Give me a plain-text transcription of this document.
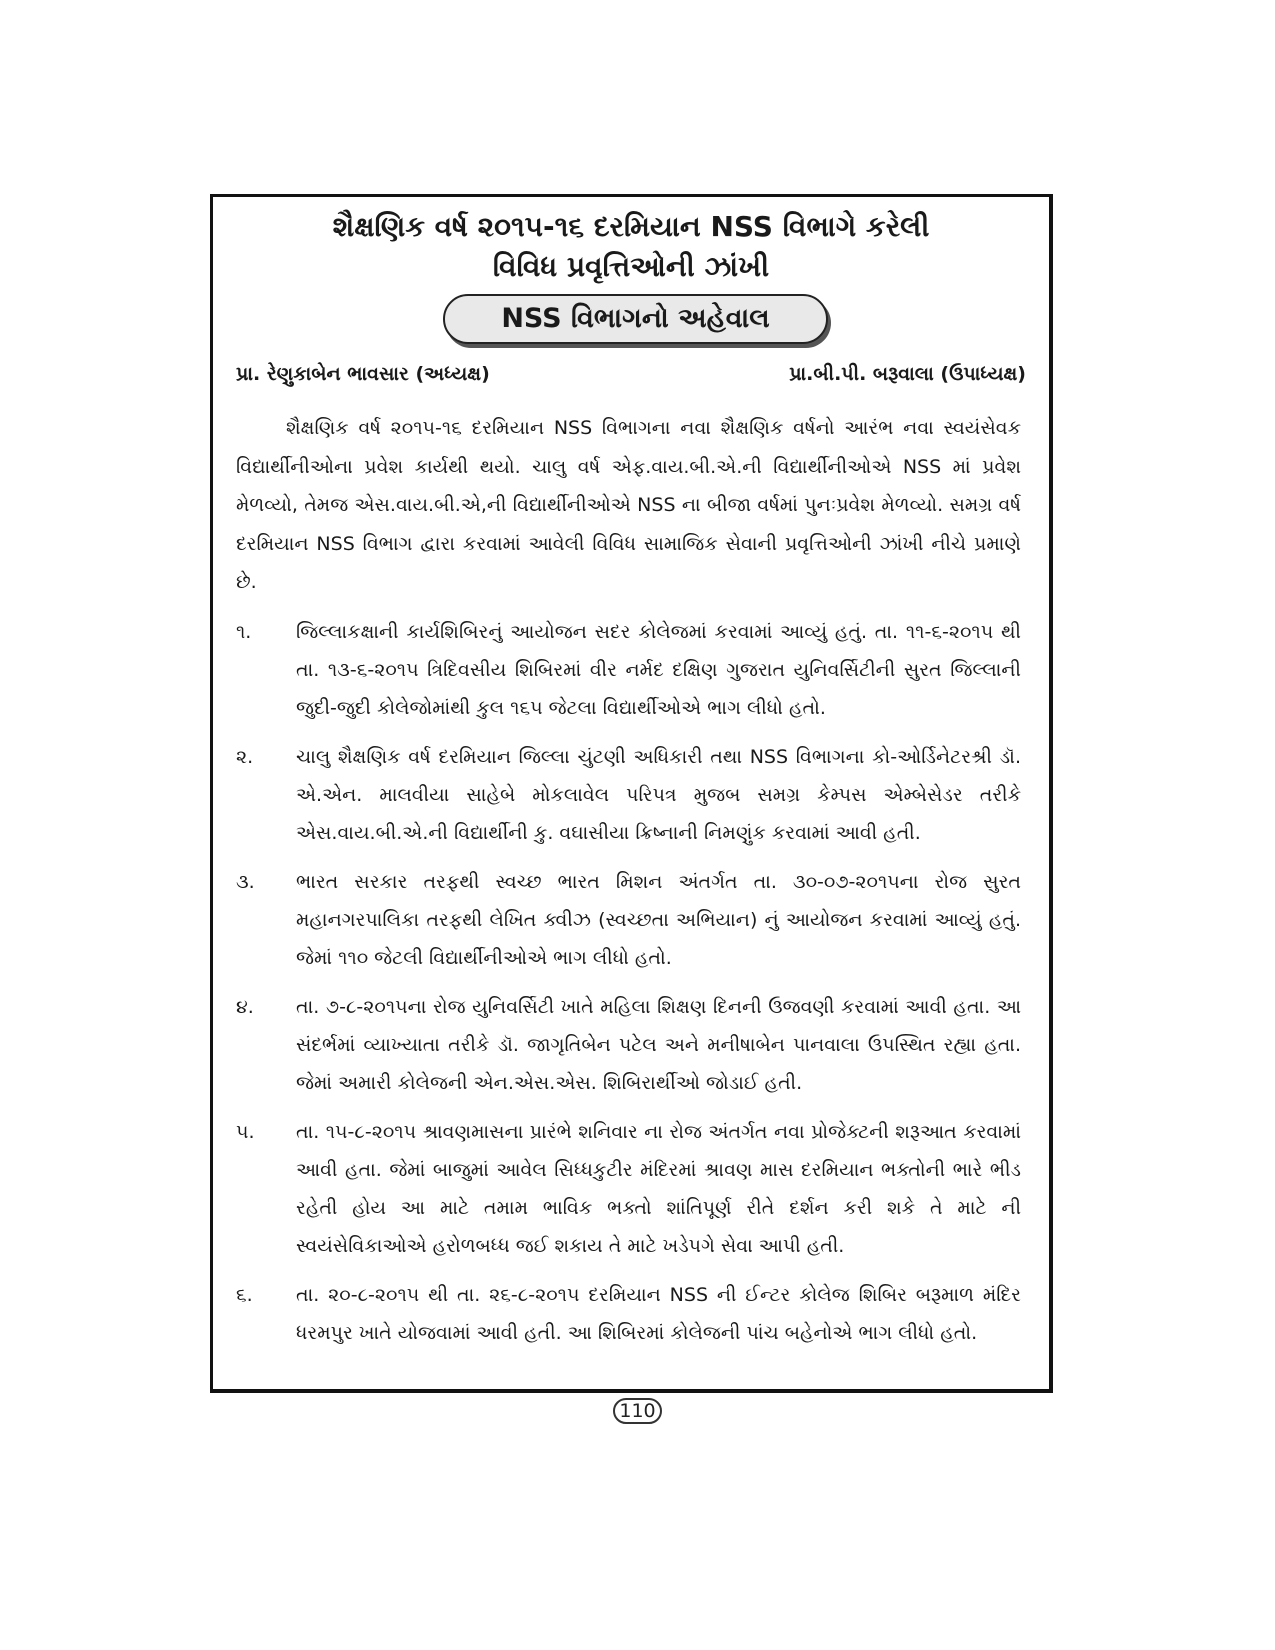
શૈક્ષણિક વર્ષ ૨૦૧૫-૧૬ દરમિયાન NSS વિભાગે કરેલી
વિવિધ પ્રવૃત્તિઓની ઝાંખી
NSS વિભાગનો અહેવાલ
પ્રા. રેણુકાબેન ભાવસાર (અધ્યક્ષ)	પ્રા.બી.પી. બરૂવાલા (ઉપાધ્યક્ષ)

શૈક્ષણિક વર્ષ ૨૦૧૫-૧૬ દરમિયાન NSS વિભાગના નવા શૈક્ષણિક વર્ષનો આરંભ નવા સ્વયંસેવક વિદ્યાર્થીનીઓના પ્રવેશ કાર્યથી થયો. ચાલુ વર્ષ એફ.વાય.બી.એ.ની વિદ્યાર્થીનીઓએ NSS માં પ્રવેશ મેળવ્યો, તેમજ એસ.વાય.બી.એ,ની વિદ્યાર્થીનીઓએ NSS ના બીજા વર્ષમાં પુનઃપ્રવેશ મેળવ્યો. સમગ્ર વર્ષ દરમિયાન NSS વિભાગ દ્વારા કરવામાં આવેલી વિવિધ સામાજિક સેવાની પ્રવૃત્તિઓની ઝાંખી નીચે પ્રમાણે છે.

૧. જિલ્લાકક્ષાની કાર્યશિબિરનું આયોજન સદર કોલેજમાં કરવામાં આવ્યું હતું. તા. ૧૧-૬-૨૦૧૫ થી તા. ૧૩-૬-૨૦૧૫ ત્રિદિવસીય શિબિરમાં વીર નર્મદ દક્ષિણ ગુજરાત યુનિવર્સિટીની સુરત જિલ્લાની જુદી-જુદી કોલેજોમાંથી કુલ ૧૬૫ જેટલા વિદ્યાર્થીઓએ ભાગ લીધો હતો.
૨. ચાલુ શૈક્ષણિક વર્ષ દરમિયાન જિલ્લા ચુંટણી અધિકારી તથા NSS વિભાગના કો-ઓર્ડિનેટરશ્રી ડૉ. એ.એન. માલવીયા સાહેબે મોકલાવેલ પરિપત્ર મુજબ સમગ્ર કેમ્પસ એમ્બેસેડર તરીકે એસ.વાય.બી.એ.ની વિદ્યાર્થીની કુ. વઘાસીયા ક્રિષ્નાની નિમણુંક કરવામાં આવી હતી.
૩. ભારત સરકાર તરફથી સ્વચ્છ ભારત મિશન અંતર્ગત તા. ૩૦-૦૭-૨૦૧૫ના રોજ સુરત મહાનગરપાલિકા તરફથી લેખિત ક્વીઝ (સ્વચ્છતા અભિયાન) નું આયોજન કરવામાં આવ્યું હતું. જેમાં ૧૧૦ જેટલી વિદ્યાર્થીનીઓએ ભાગ લીધો હતો.
૪. તા. ૭-૮-૨૦૧૫ના રોજ યુનિવર્સિટી ખાતે મહિલા શિક્ષણ દિનની ઉજવણી કરવામાં આવી હતા. આ સંદર્ભમાં વ્યાખ્યાતા તરીકે ડૉ. જાગૃતિબેન પટેલ અને મનીષાબેન પાનવાલા ઉપસ્થિત રહ્યા હતા. જેમાં અમારી કોલેજની એન.એસ.એસ. શિબિરાર્થીઓ જોડાઈ હતી.
૫. તા. ૧૫-૮-૨૦૧૫ શ્રાવણમાસના પ્રારંભે શનિવાર ના રોજ અંતર્ગત નવા પ્રોજેક્ટની શરૂઆત કરવામાં આવી હતા. જેમાં બાજુમાં આવેલ સિધ્ધકુટીર મંદિરમાં શ્રાવણ માસ દરમિયાન ભક્તોની ભારે ભીડ રહેતી હોય આ માટે તમામ ભાવિક ભક્તો શાંતિપૂર્ણ રીતે દર્શન કરી શકે તે માટે ની સ્વયંસેવિકાઓએ હરોળબધ્ધ જઈ શકાય તે માટે ખડેપગે સેવા આપી હતી.
૬. તા. ૨૦-૮-૨૦૧૫ થી તા. ૨૬-૮-૨૦૧૫ દરમિયાન NSS ની ઈન્ટર કોલેજ શિબિર બરૂમાળ મંદિર ધરમપુર ખાતે યોજવામાં આવી હતી. આ શિબિરમાં કોલેજની પાંચ બહેનોએ ભાગ લીધો હતો.
110
